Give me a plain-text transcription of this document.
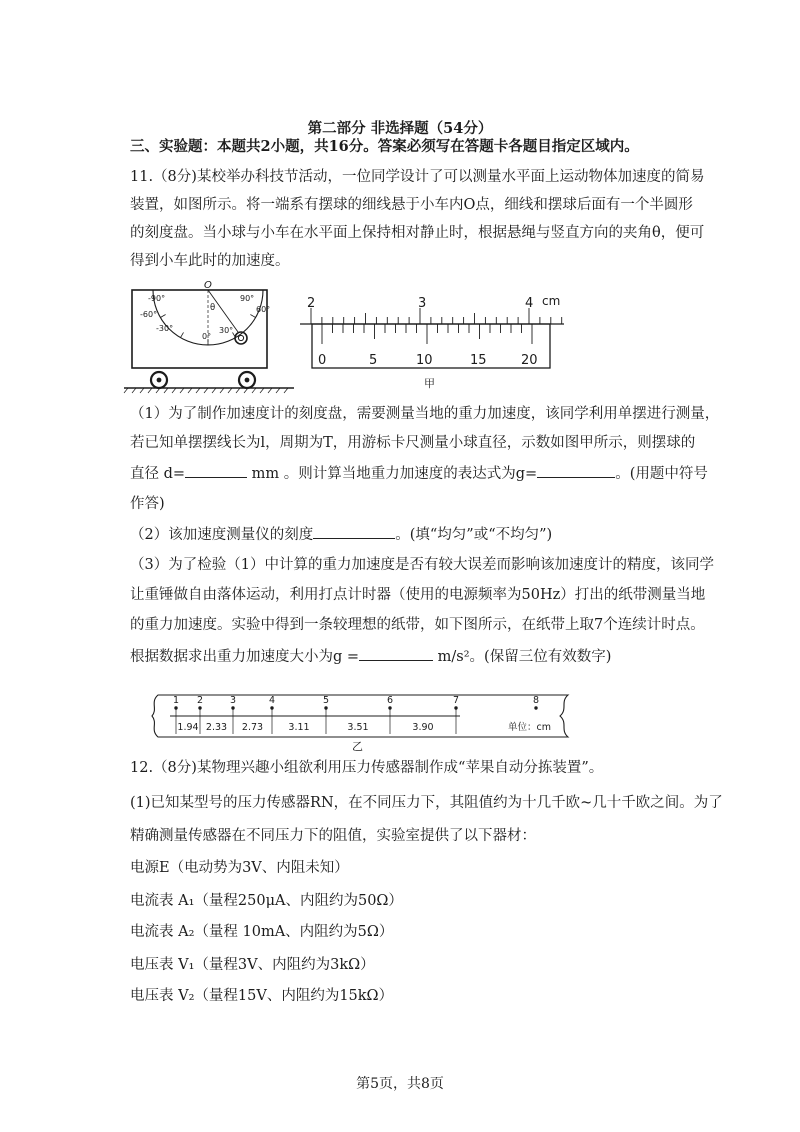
第二部分 非选择题（54分）
三、实验题：本题共2小题，共16分。答案必须写在答题卡各题目指定区域内。
11.（8分)某校举办科技节活动，一位同学设计了可以测量水平面上运动物体加速度的简易
装置，如图所示。将一端系有摆球的细线悬于小车内O点，细线和摆球后面有一个半圆形
的刻度盘。当小球与小车在水平面上保持相对静止时，根据悬绳与竖直方向的夹角θ，便可
得到小车此时的加速度。
O
θ
-90°
-60°
-30°
0°
30°
60°
90°	2	3	4 cm
0	5	10	15	20
甲
（1）为了制作加速度计的刻度盘，需要测量当地的重力加速度，该同学利用单摆进行测量，
若已知单摆摆线长为l，周期为T，用游标卡尺测量小球直径，示数如图甲所示，则摆球的
直径 d=	mm 。则计算当地重力加速度的表达式为g=	。(用题中符号
作答)
（2）该加速度测量仪的刻度	。(填“均匀”或“不均匀”)
（3）为了检验（1）中计算的重力加速度是否有较大误差而影响该加速度计的精度，该同学
让重锤做自由落体运动，利用打点计时器（使用的电源频率为50Hz）打出的纸带测量当地
的重力加速度。实验中得到一条较理想的纸带，如下图所示，在纸带上取7个连续计时点。
根据数据求出重力加速度大小为g =	m/s²。(保留三位有效数字)
1 2	3	4	5	6	7	8
1.94 2.33 2.73	3.11	3.51	3.90	单位：cm
乙
12.（8分)某物理兴趣小组欲利用压力传感器制作成“苹果自动分拣装置”。
(1)已知某型号的压力传感器RN，在不同压力下，其阻值约为十几千欧~几十千欧之间。为了
精确测量传感器在不同压力下的阻值，实验室提供了以下器材：
电源E（电动势为3V、内阻未知）
电流表 A₁（量程250μA、内阻约为50Ω）
电流表 A₂（量程 10mA、内阻约为5Ω）
电压表 V₁（量程3V、内阻约为3kΩ）
电压表 V₂（量程15V、内阻约为15kΩ）
第5页，共8页
